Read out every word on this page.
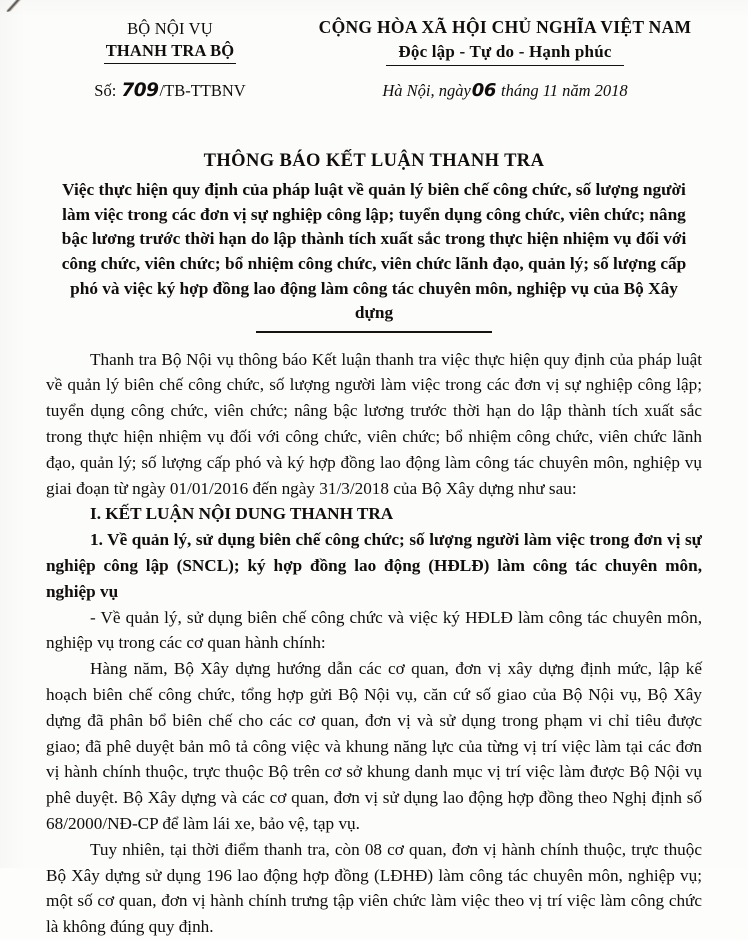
BỘ NỘI VỤ
THANH TRA BỘ
CỘNG HÒA XÃ HỘI CHỦ NGHĨA VIỆT NAM
Độc lập - Tự do - Hạnh phúc
Số: 709/TB-TTBNV	Hà Nội, ngày06 tháng 11 năm 2018
THÔNG BÁO KẾT LUẬN THANH TRA
Việc thực hiện quy định của pháp luật về quản lý biên chế công chức, số lượng người làm việc trong các đơn vị sự nghiệp công lập; tuyển dụng công chức, viên chức; nâng bậc lương trước thời hạn do lập thành tích xuất sắc trong thực hiện nhiệm vụ đối với công chức, viên chức; bổ nhiệm công chức, viên chức lãnh đạo, quản lý; số lượng cấp phó và việc ký hợp đồng lao động làm công tác chuyên môn, nghiệp vụ của Bộ Xây dựng

Thanh tra Bộ Nội vụ thông báo Kết luận thanh tra việc thực hiện quy định của pháp luật về quản lý biên chế công chức, số lượng người làm việc trong các đơn vị sự nghiệp công lập; tuyển dụng công chức, viên chức; nâng bậc lương trước thời hạn do lập thành tích xuất sắc trong thực hiện nhiệm vụ đối với công chức, viên chức; bổ nhiệm công chức, viên chức lãnh đạo, quản lý; số lượng cấp phó và ký hợp đồng lao động làm công tác chuyên môn, nghiệp vụ giai đoạn từ ngày 01/01/2016 đến ngày 31/3/2018 của Bộ Xây dựng như sau:

I. KẾT LUẬN NỘI DUNG THANH TRA

1. Về quản lý, sử dụng biên chế công chức; số lượng người làm việc trong đơn vị sự nghiệp công lập (SNCL); ký hợp đồng lao động (HĐLĐ) làm công tác chuyên môn, nghiệp vụ

- Về quản lý, sử dụng biên chế công chức và việc ký HĐLĐ làm công tác chuyên môn, nghiệp vụ trong các cơ quan hành chính:

Hàng năm, Bộ Xây dựng hướng dẫn các cơ quan, đơn vị xây dựng định mức, lập kế hoạch biên chế công chức, tổng hợp gửi Bộ Nội vụ, căn cứ số giao của Bộ Nội vụ, Bộ Xây dựng đã phân bổ biên chế cho các cơ quan, đơn vị và sử dụng trong phạm vi chỉ tiêu được giao; đã phê duyệt bản mô tả công việc và khung năng lực của từng vị trí việc làm tại các đơn vị hành chính thuộc, trực thuộc Bộ trên cơ sở khung danh mục vị trí việc làm được Bộ Nội vụ phê duyệt. Bộ Xây dựng và các cơ quan, đơn vị sử dụng lao động hợp đồng theo Nghị định số 68/2000/NĐ-CP để làm lái xe, bảo vệ, tạp vụ.

Tuy nhiên, tại thời điểm thanh tra, còn 08 cơ quan, đơn vị hành chính thuộc, trực thuộc Bộ Xây dựng sử dụng 196 lao động hợp đồng (LĐHĐ) làm công tác chuyên môn, nghiệp vụ; một số cơ quan, đơn vị hành chính trưng tập viên chức làm việc theo vị trí việc làm công chức là không đúng quy định.
